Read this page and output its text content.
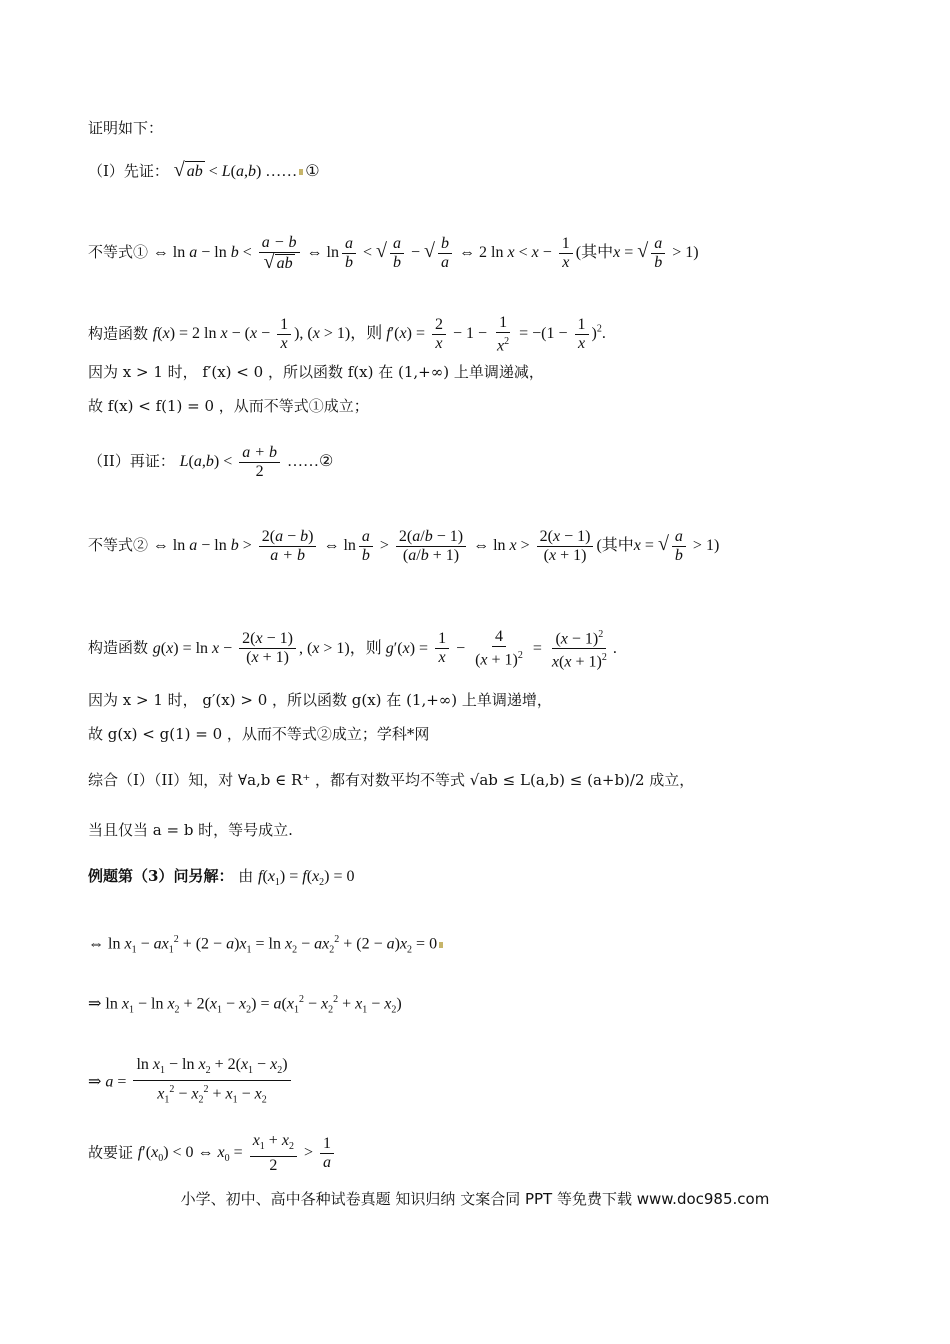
证明如下：
（I）先证： √ ab < L(a,b) …… ①
不等式① ⇔ $\ln a - \ln b < \frac{a - b}{√ ab}$ ⇔ $\ln \frac{a}{b}$ < √ $\frac{a}{b}$ − √ $\frac{b}{a}$ ⇔ 2 $\ln x < x - \frac{1}{x}$ (其中x = √ $\frac{a}{b} > 1$)
构造函数 f(x) = 2 $\ln x - (x - \frac{1}{x}$ ), (x > 1)，则 $f'(x) = \frac{2}{x} - 1 - \frac{1}{x^2} = -(1 - \frac{1}{x} )^2$.
因为 x > 1 时， f′(x) < 0 ，所以函数 f(x) 在 (1,+∞) 上单调递减，
故 f(x) < f(1) = 0 ，从而不等式①成立；
（II）再证： $L(a,b) < \frac{a + b}{2}$ ……②
不等式② ⇔ $\ln a - \ln b > \frac{2(a - b)}{a + b}$ ⇔ $\ln \frac{a}{b} > \frac{2(a/b - 1)}{(a/b + 1)}$ ⇔ $\ln x > \frac{2(x - 1)}{(x + 1)}$ (其中x = √ $\frac{a}{b} > 1$)
构造函数 $g(x) = \ln x - \frac{2(x - 1)}{(x + 1)}$ , (x > 1)，则 $g'(x) = \frac{1}{x} - \frac{4}{(x + 1)^2} = \frac{(x - 1)^2}{x(x + 1)^2}$ .
因为 x > 1 时， g′(x) > 0 ，所以函数 g(x) 在 (1,+∞) 上单调递增，
故 g(x) < g(1) = 0 ，从而不等式②成立；学科*网
综合（I）（II）知，对 ∀a,b ∈ R⁺ ，都有对数平均不等式 √ab ≤ L(a,b) ≤ (a+b)/2 成立，
当且仅当 a = b 时，等号成立.
例题第（3）问另解： 由 $f(x_1) = f(x_2) = 0$
⇔ $\ln x_1 - ax_1^2 + (2 - a)x_1 = \ln x_2 - ax_2^2 + (2 - a)x_2 = 0$
⇒ $\ln x_1 - \ln x_2 + 2(x_1 - x_2) = a(x_1^2 - x_2^2 + x_1 - x_2)$
⇒ $a = \frac{\ln x_1 - \ln x_2 + 2(x_1 - x_2)}{x_1^2 - x_2^2 + x_1 - x_2}$
故要证 $f'(x_0) < 0$ ⇔ $x_0 = \frac{x_1 + x_2}{2} > \frac{1}{a}$
小学、初中、高中各种试卷真题 知识归纳 文案合同 PPT 等免费下载 www.doc985.com
